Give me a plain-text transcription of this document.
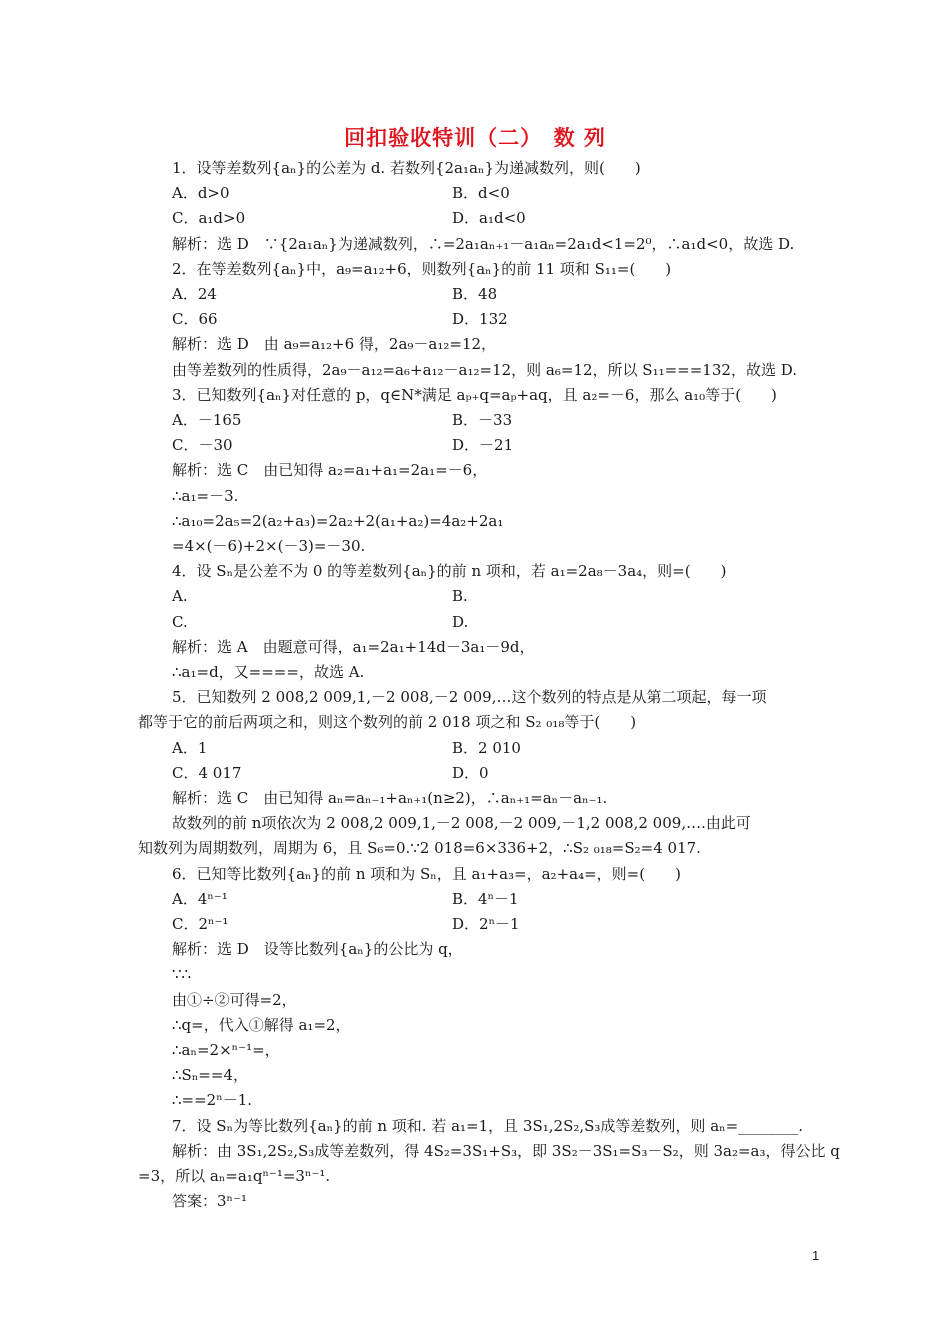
回扣验收特训（二）　数 列
1．设等差数列{aₙ}的公差为 d. 若数列{2a₁aₙ}为递减数列，则(　　)
A．d>0	B．d<0
C．a₁d>0	D．a₁d<0
解析：选 D　∵{2a₁aₙ}为递减数列，∴=2a₁aₙ₊₁－a₁aₙ=2a₁d<1=2⁰，∴a₁d<0，故选 D.
2．在等差数列{aₙ}中，a₉=a₁₂+6，则数列{aₙ}的前 11 项和 S₁₁=(　　)
A．24	B．48
C．66	D．132
解析：选 D　由 a₉=a₁₂+6 得，2a₉－a₁₂=12，
由等差数列的性质得，2a₉－a₁₂=a₆+a₁₂－a₁₂=12，则 a₆=12，所以 S₁₁===132，故选 D.
3．已知数列{aₙ}对任意的 p，q∈N*满足 aₚ₊q=aₚ+aq，且 a₂=－6，那么 a₁₀等于(　　)
A．－165	B．－33
C．－30	D．－21
解析：选 C　由已知得 a₂=a₁+a₁=2a₁=－6，
∴a₁=－3.
∴a₁₀=2a₅=2(a₂+a₃)=2a₂+2(a₁+a₂)=4a₂+2a₁
=4×(－6)+2×(－3)=－30.
4．设 Sₙ是公差不为 0 的等差数列{aₙ}的前 n 项和，若 a₁=2a₈－3a₄，则=(　　)
A.	B.
C.	D.
解析：选 A　由题意可得，a₁=2a₁+14d－3a₁－9d，
∴a₁=d，又====，故选 A.
5．已知数列 2 008,2 009,1,－2 008,－2 009,…这个数列的特点是从第二项起，每一项
都等于它的前后两项之和，则这个数列的前 2 018 项之和 S₂ ₀₁₈等于(　　)
A．1	B．2 010
C．4 017	D．0
解析：选 C　由已知得 aₙ=aₙ₋₁+aₙ₊₁(n≥2)，∴aₙ₊₁=aₙ－aₙ₋₁.
故数列的前 n项依次为 2 008,2 009,1,－2 008,－2 009,－1,2 008,2 009,….由此可
知数列为周期数列，周期为 6，且 S₆=0.∵2 018=6×336+2，∴S₂ ₀₁₈=S₂=4 017.
6．已知等比数列{aₙ}的前 n 项和为 Sₙ，且 a₁+a₃=，a₂+a₄=，则=(　　)
A．4ⁿ⁻¹	B．4ⁿ－1
C．2ⁿ⁻¹	D．2ⁿ－1
解析：选 D　设等比数列{aₙ}的公比为 q，
∵∴
由①÷②可得=2，
∴q=，代入①解得 a₁=2，
∴aₙ=2×ⁿ⁻¹=，
∴Sₙ==4，
∴==2ⁿ－1.
7．设 Sₙ为等比数列{aₙ}的前 n 项和. 若 a₁=1，且 3S₁,2S₂,S₃成等差数列，则 aₙ=________.
解析：由 3S₁,2S₂,S₃成等差数列，得 4S₂=3S₁+S₃，即 3S₂－3S₁=S₃－S₂，则 3a₂=a₃，得公比 q
=3，所以 aₙ=a₁qⁿ⁻¹=3ⁿ⁻¹.
答案：3ⁿ⁻¹
1
